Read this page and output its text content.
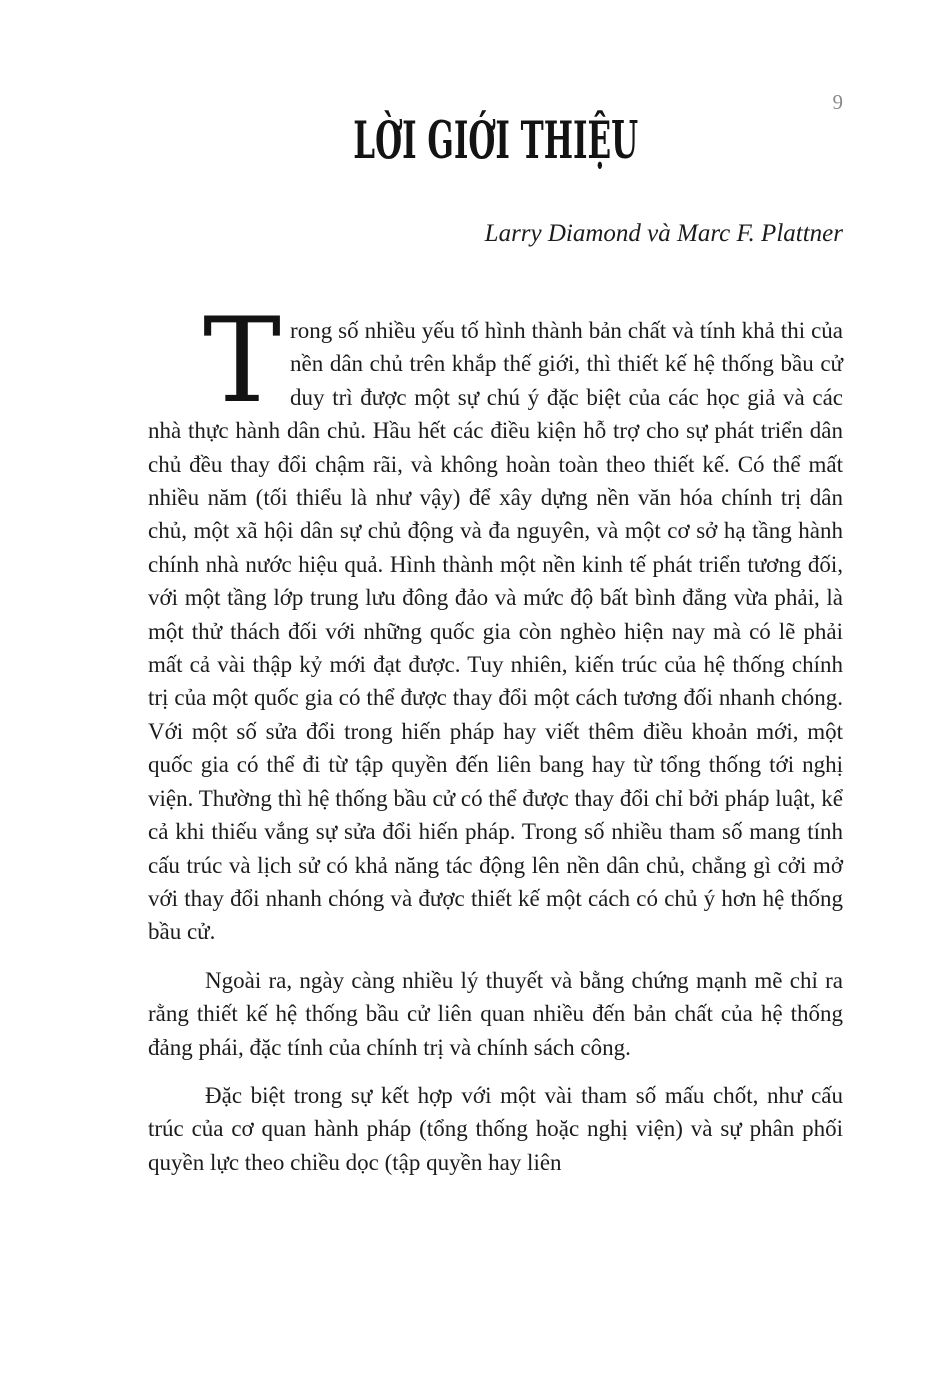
9
LỜI GIỚI THIỆU
Larry Diamond và Marc F. Plattner

Trong số nhiều yếu tố hình thành bản chất và tính khả thi của nền dân chủ trên khắp thế giới, thì thiết kế hệ thống bầu cử duy trì được một sự chú ý đặc biệt của các học giả và các nhà thực hành dân chủ. Hầu hết các điều kiện hỗ trợ cho sự phát triển dân chủ đều thay đổi chậm rãi, và không hoàn toàn theo thiết kế. Có thể mất nhiều năm (tối thiểu là như vậy) để xây dựng nền văn hóa chính trị dân chủ, một xã hội dân sự chủ động và đa nguyên, và một cơ sở hạ tầng hành chính nhà nước hiệu quả. Hình thành một nền kinh tế phát triển tương đối, với một tầng lớp trung lưu đông đảo và mức độ bất bình đẳng vừa phải, là một thử thách đối với những quốc gia còn nghèo hiện nay mà có lẽ phải mất cả vài thập kỷ mới đạt được. Tuy nhiên, kiến trúc của hệ thống chính trị của một quốc gia có thể được thay đổi một cách tương đối nhanh chóng. Với một số sửa đổi trong hiến pháp hay viết thêm điều khoản mới, một quốc gia có thể đi từ tập quyền đến liên bang hay từ tổng thống tới nghị viện. Thường thì hệ thống bầu cử có thể được thay đổi chỉ bởi pháp luật, kể cả khi thiếu vắng sự sửa đổi hiến pháp. Trong số nhiều tham số mang tính cấu trúc và lịch sử có khả năng tác động lên nền dân chủ, chẳng gì cởi mở với thay đổi nhanh chóng và được thiết kế một cách có chủ ý hơn hệ thống bầu cử.

Ngoài ra, ngày càng nhiều lý thuyết và bằng chứng mạnh mẽ chỉ ra rằng thiết kế hệ thống bầu cử liên quan nhiều đến bản chất của hệ thống đảng phái, đặc tính của chính trị và chính sách công.

Đặc biệt trong sự kết hợp với một vài tham số mấu chốt, như cấu trúc của cơ quan hành pháp (tổng thống hoặc nghị viện) và sự phân phối quyền lực theo chiều dọc (tập quyền hay liên
